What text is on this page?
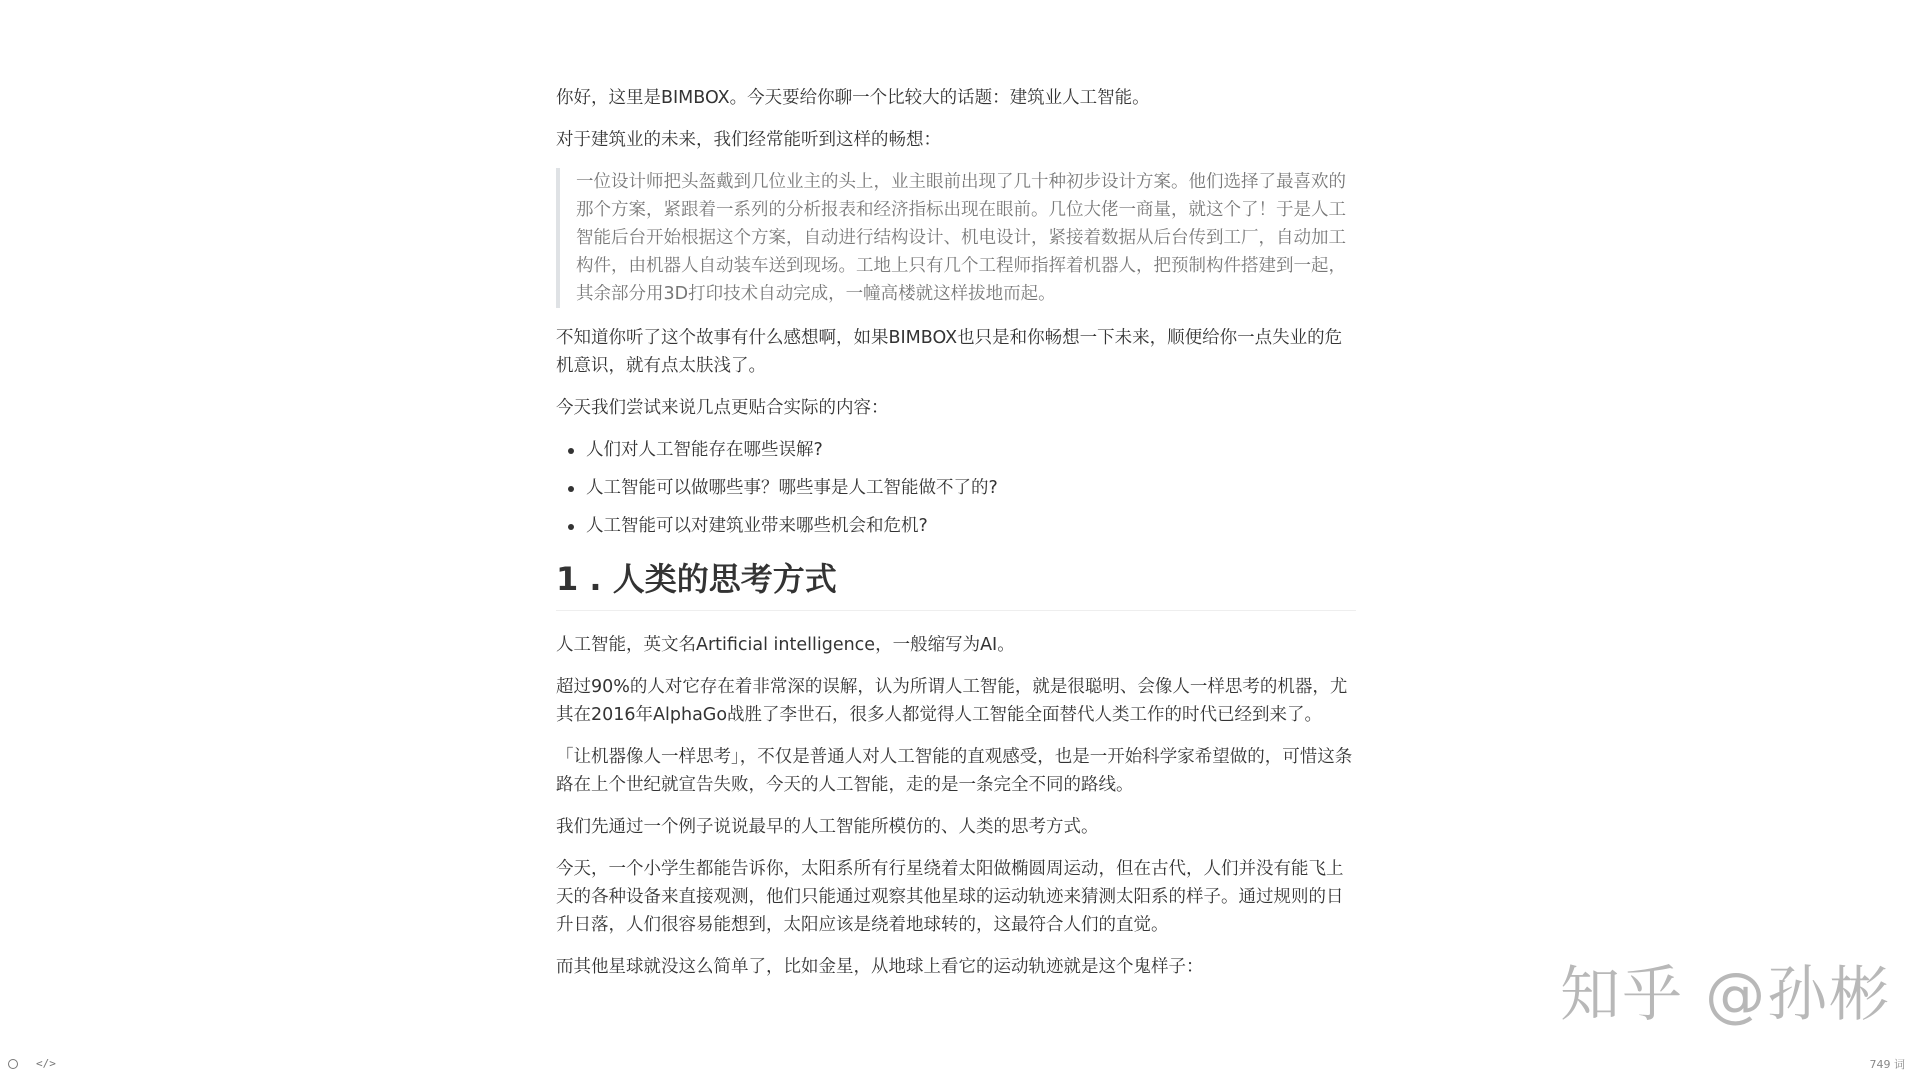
你好，这里是BIMBOX。今天要给你聊一个比较大的话题：建筑业人工智能。

对于建筑业的未来，我们经常能听到这样的畅想：

一位设计师把头盔戴到几位业主的头上，业主眼前出现了几十种初步设计方案。他们选择了最喜欢的那个方案，紧跟着一系列的分析报表和经济指标出现在眼前。几位大佬一商量，就这个了！于是人工智能后台开始根据这个方案，自动进行结构设计、机电设计，紧接着数据从后台传到工厂，自动加工构件，由机器人自动装车送到现场。工地上只有几个工程师指挥着机器人，把预制构件搭建到一起，其余部分用3D打印技术自动完成，一幢高楼就这样拔地而起。

不知道你听了这个故事有什么感想啊，如果BIMBOX也只是和你畅想一下未来，顺便给你一点失业的危机意识，就有点太肤浅了。

今天我们尝试来说几点更贴合实际的内容：

人们对人工智能存在哪些误解?
人工智能可以做哪些事？哪些事是人工智能做不了的?
人工智能可以对建筑业带来哪些机会和危机?
1 . 人类的思考方式

人工智能，英文名Artificial intelligence，一般缩写为AI。

超过90%的人对它存在着非常深的误解，认为所谓人工智能，就是很聪明、会像人一样思考的机器，尤其在2016年AlphaGo战胜了李世石，很多人都觉得人工智能全面替代人类工作的时代已经到来了。

「让机器像人一样思考」，不仅是普通人对人工智能的直观感受，也是一开始科学家希望做的，可惜这条路在上个世纪就宣告失败，今天的人工智能，走的是一条完全不同的路线。

我们先通过一个例子说说最早的人工智能所模仿的、人类的思考方式。

今天，一个小学生都能告诉你，太阳系所有行星绕着太阳做椭圆周运动，但在古代，人们并没有能飞上天的各种设备来直接观测，他们只能通过观察其他星球的运动轨迹来猜测太阳系的样子。通过规则的日升日落，人们很容易能想到，太阳应该是绕着地球转的，这最符合人们的直觉。

而其他星球就没这么简单了，比如金星，从地球上看它的运动轨迹就是这个鬼样子：	知乎 @孙彬
</>	749 词
